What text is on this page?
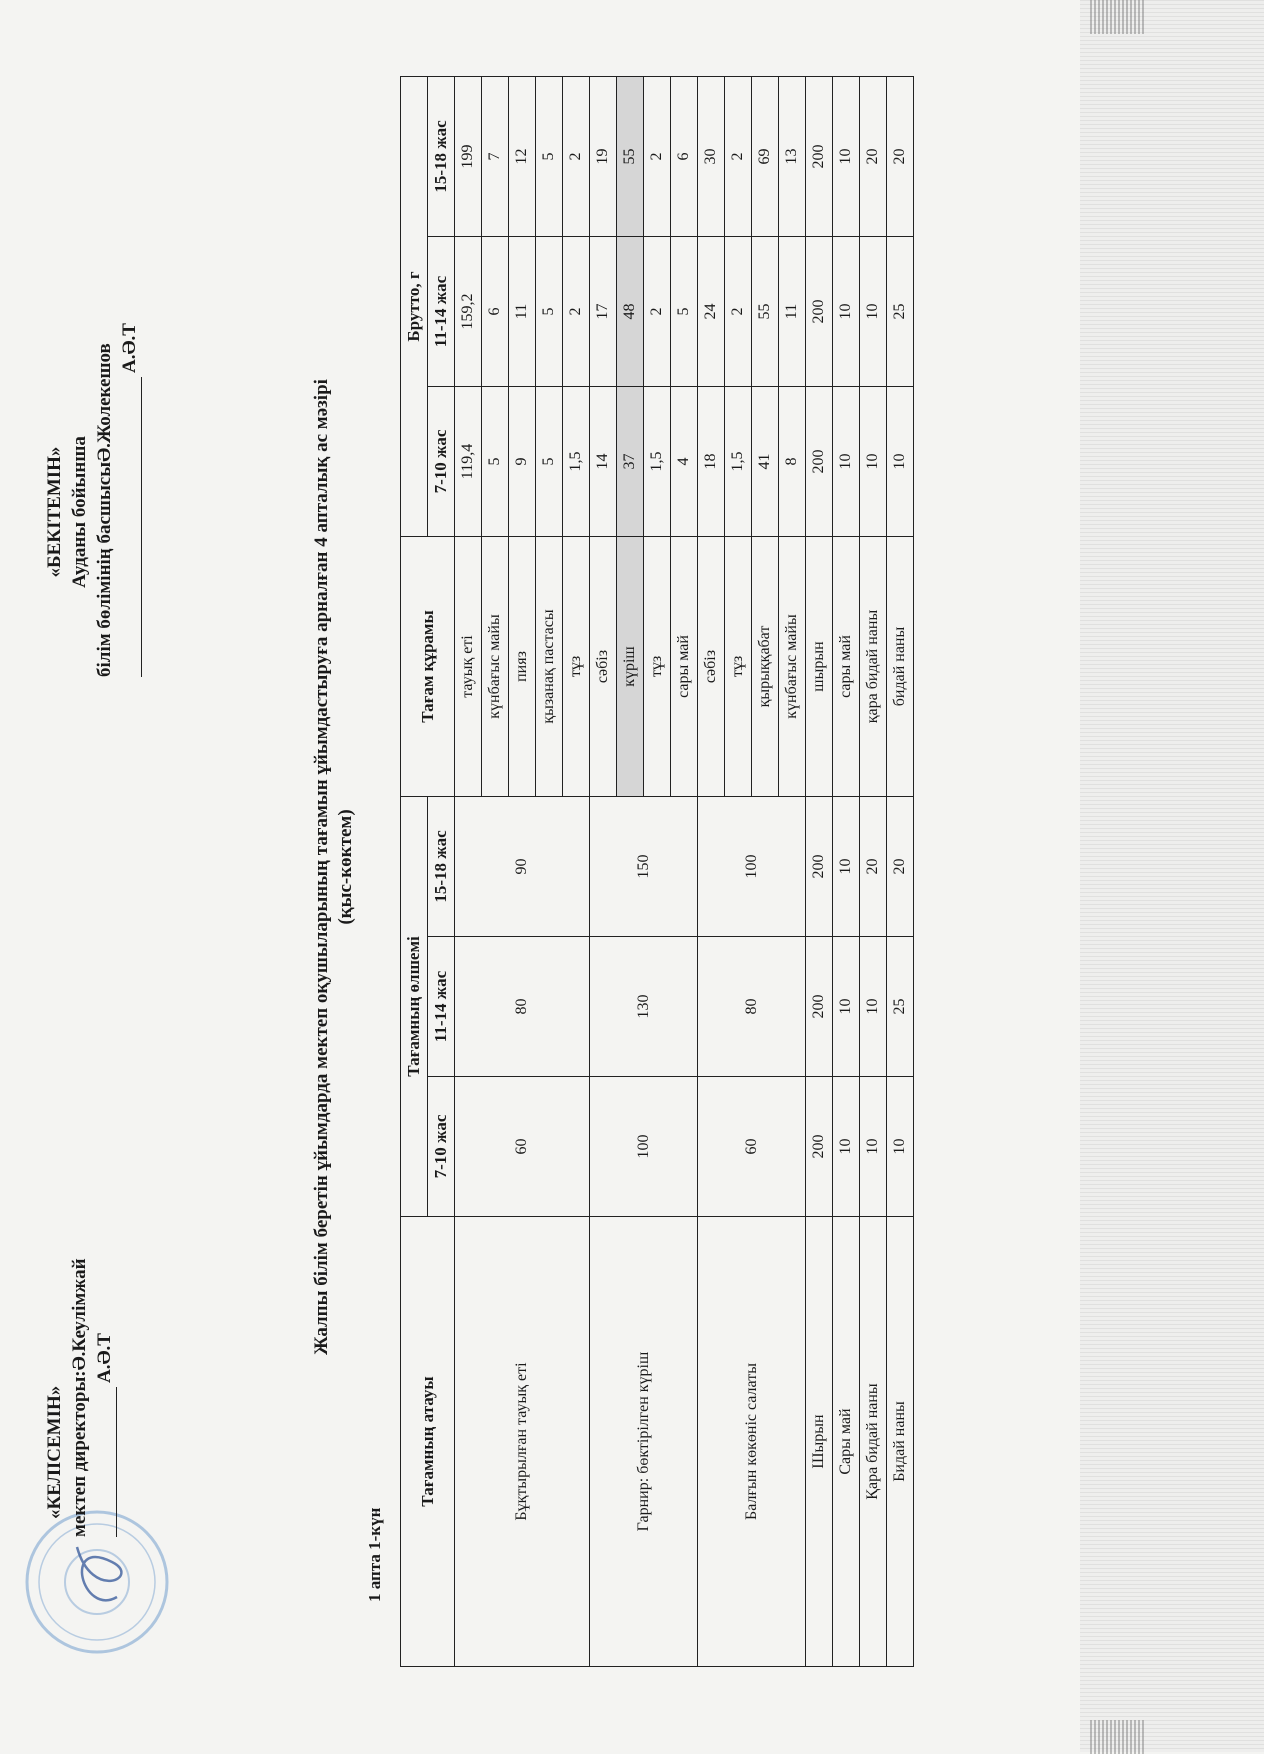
«КЕЛІСЕМІН» мектеп директоры:Ә.Кеулімжай А.Ә.Т
«БЕКІТЕМІН» Ауданы бойынша білім бөлімінің басшысыӘ.Жолекешов А.Ә.Т
Жалпы білім беретін ұйымдарда мектеп оқушыларының тағамын ұйымдастыруға арналған 4 апталық ас мәзірі (қыс-көктем)
1 апта 1-күн
Тағамның атауы	Тағамның өлшемі			Тағам құрамы	Брутто, г		
	7-10 жас	11-14 жас	15-18 жас		7-10 жас	11-14 жас	15-18 жас
Бұқтырылған тауық еті	60	80	90	тауық еті	119,4	159,2	199
				күнбағыс майы	5	6	7
				пияз	9	11	12
				қызанақ пастасы	5	5	5
				тұз	1,5	2	2
Гарнир: бөктірілген күріш	100	130	150	сәбіз	14	17	19
				күріш	37	48	55
				тұз	1,5	2	2
				сары май	4	5	6
Балғын көкөніс салаты	60	80	100	сәбіз	18	24	30
				тұз	1,5	2	2
				қырыққабат	41	55	69
				күнбағыс майы	8	11	13
Шырын	200	200	200	шырын	200	200	200
Сары май	10	10	10	сары май	10	10	10
Қара бидай наны	10	10	20	қара бидай наны	10	10	20
Бидай наны	10	25	20	бидай наны	10	25	20
